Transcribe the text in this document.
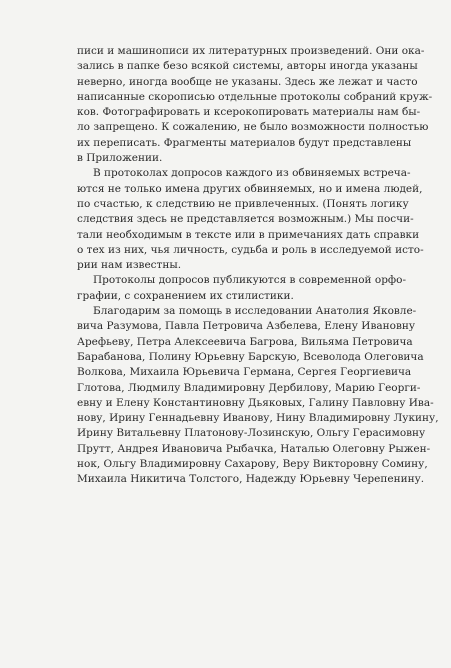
писи и машинописи их литературных произведений. Они ока-
зались в папке безо всякой системы, авторы иногда указаны
неверно, иногда вообще не указаны. Здесь же лежат и часто
написанные скорописью отдельные протоколы собраний круж-
ков. Фотографировать и ксерокопировать материалы нам бы-
ло запрещено. К сожалению, не было возможности полностью
их переписать. Фрагменты материалов будут представлены
в Приложении.
В протоколах допросов каждого из обвиняемых встреча-
ются не только имена других обвиняемых, но и имена людей,
по счастью, к следствию не привлеченных. (Понять логику
следствия здесь не представляется возможным.) Мы посчи-
тали необходимым в тексте или в примечаниях дать справки
о тех из них, чья личность, судьба и роль в исследуемой исто-
рии нам известны.
Протоколы допросов публикуются в современной орфо-
графии, с сохранением их стилистики.
Благодарим за помощь в исследовании Анатолия Яковле-
вича Разумова, Павла Петровича Азбелева, Елену Ивановну
Арефьеву, Петра Алексеевича Багрова, Вильяма Петровича
Барабанова, Полину Юрьевну Барскую, Всеволода Олеговича
Волкова, Михаила Юрьевича Германа, Сергея Георгиевича
Глотова, Людмилу Владимировну Дербилову, Марию Георги-
евну и Елену Константиновну Дьяковых, Галину Павловну Ива-
нову, Ирину Геннадьевну Иванову, Нину Владимировну Лукину,
Ирину Витальевну Платонову-Лозинскую, Ольгу Герасимовну
Прутт, Андрея Ивановича Рыбачка, Наталью Олеговну Рыжен-
нок, Ольгу Владимировну Сахарову, Веру Викторовну Сомину,
Михаила Никитича Толстого, Надежду Юрьевну Черепенину.
